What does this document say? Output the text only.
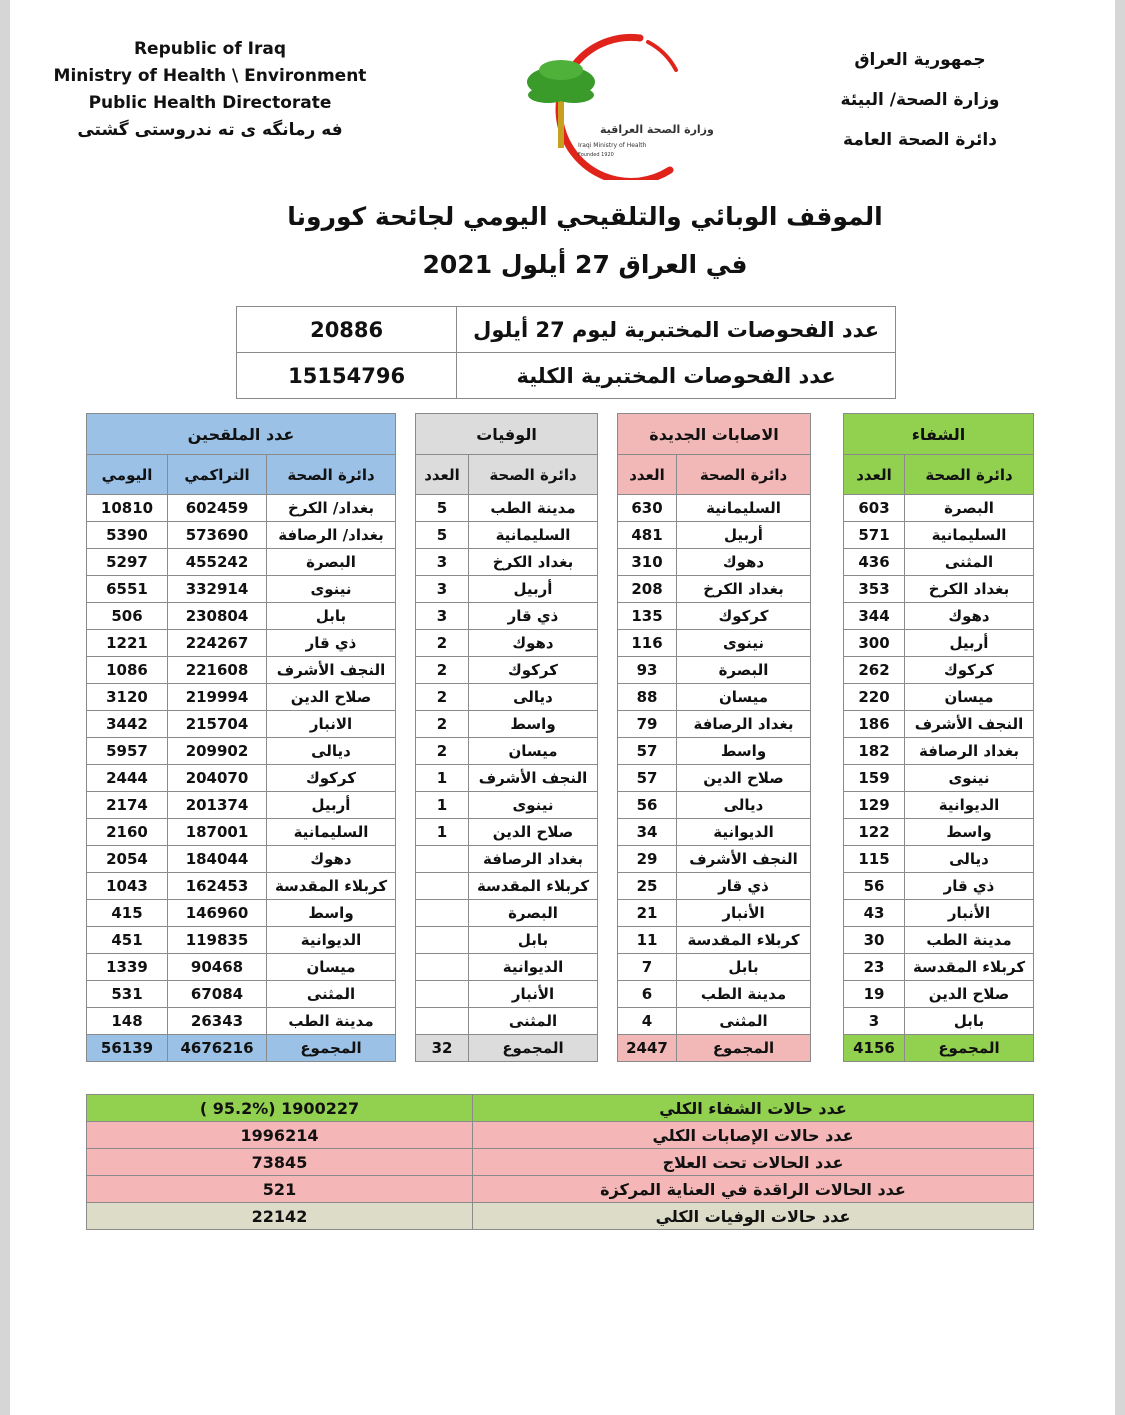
Republic of Iraq
Ministry of Health \ Environment
Public Health Directorate
فه رمانگه ی ته ندروستی گشتی	وزارة الصحة العراقية
Iraqi Ministry of Health
Founded 1920
جمهورية العراق
وزارة الصحة/ البيئة
دائرة الصحة العامة
الموقف الوبائي والتلقيحي اليومي لجائحة كورونا
في العراق 27 أيلول 2021
20886	عدد الفحوصات المختبرية ليوم 27 أيلول
15154796	عدد الفحوصات المختبرية الكلية
الشفاء	
العدد	دائرة الصحة
603	البصرة
571	السليمانية
436	المثنى
353	بغداد الكرخ
344	دهوك
300	أربيل
262	كركوك
220	ميسان
186	النجف الأشرف
182	بغداد الرصافة
159	نينوى
129	الديوانية
122	واسط
115	ديالى
56	ذي قار
43	الأنبار
30	مدينة الطب
23	كربلاء المقدسة
19	صلاح الدين
3	بابل
4156	المجموع
الاصابات الجديدة	
العدد	دائرة الصحة
630	السليمانية
481	أربيل
310	دهوك
208	بغداد الكرخ
135	كركوك
116	نينوى
93	البصرة
88	ميسان
79	بغداد الرصافة
57	واسط
57	صلاح الدين
56	ديالى
34	الديوانية
29	النجف الأشرف
25	ذي قار
21	الأنبار
11	كربلاء المقدسة
7	بابل
6	مدينة الطب
4	المثنى
2447	المجموع
الوفيات	
العدد	دائرة الصحة
5	مدينة الطب
5	السليمانية
3	بغداد الكرخ
3	أربيل
3	ذي قار
2	دهوك
2	كركوك
2	ديالى
2	واسط
2	ميسان
1	النجف الأشرف
1	نينوى
1	صلاح الدين
	بغداد الرصافة
	كربلاء المقدسة
	البصرة
	بابل
	الديوانية
	الأنبار
	المثنى
32	المجموع
عدد الملقحين		
اليومي	التراكمي	دائرة الصحة
10810	602459	بغداد/ الكرخ
5390	573690	بغداد/ الرصافة
5297	455242	البصرة
6551	332914	نينوى
506	230804	بابل
1221	224267	ذي قار
1086	221608	النجف الأشرف
3120	219994	صلاح الدين
3442	215704	الانبار
5957	209902	ديالى
2444	204070	كركوك
2174	201374	أربيل
2160	187001	السليمانية
2054	184044	دهوك
1043	162453	كربلاء المقدسة
415	146960	واسط
451	119835	الديوانية
1339	90468	ميسان
531	67084	المثنى
148	26343	مدينة الطب
56139	4676216	المجموع
( 95.2%) 1900227	عدد حالات الشفاء الكلي
1996214	عدد حالات الإصابات الكلي
73845	عدد الحالات تحت العلاج
521	عدد الحالات الراقدة في العناية المركزة
22142	عدد حالات الوفيات الكلي
